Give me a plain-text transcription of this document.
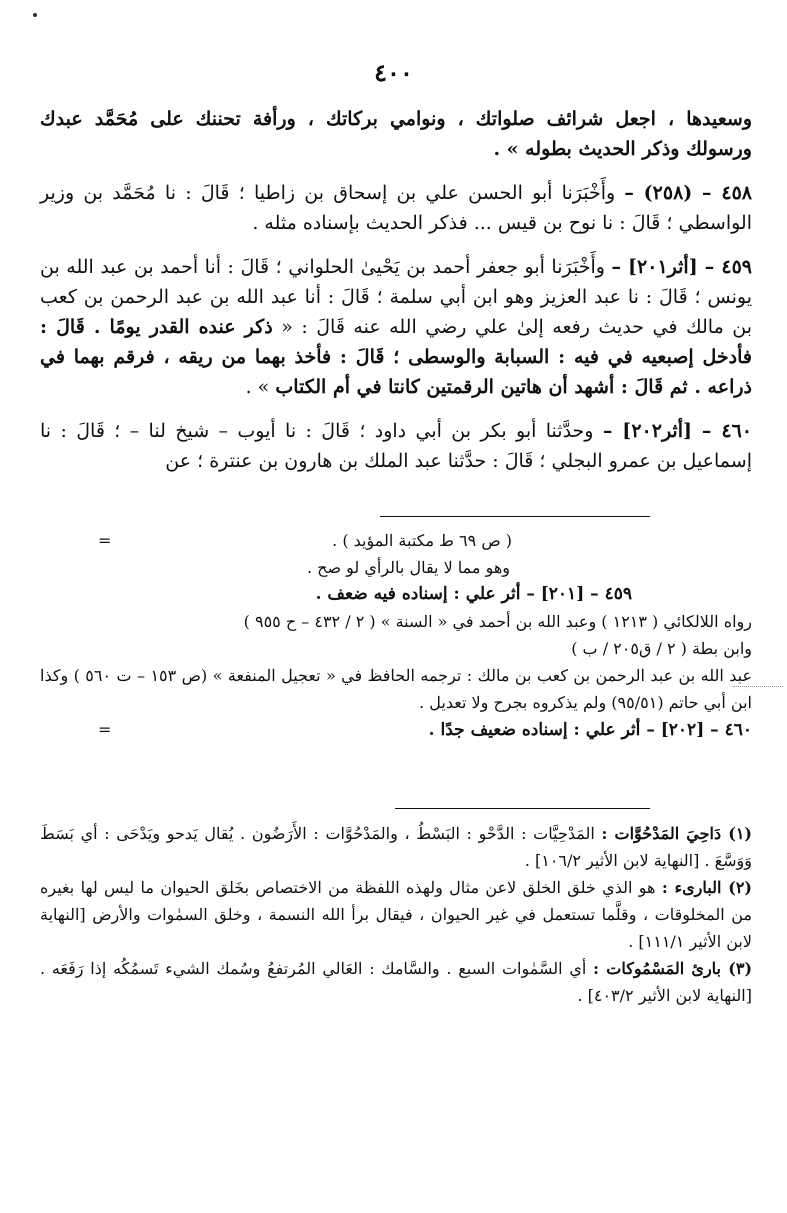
٤٠٠

وسعيدها ، اجعل شرائف صلواتك ، ونوامي بركاتك ، ورأفة تحننك على مُحَمَّد عبدك ورسولك وذكر الحديث بطوله » .

٤٥٨ – (٢٥٨) – وأَخْبَرَنا أبو الحسن علي بن إسحاق بن زاطيا ؛ قَالَ : نا مُحَمَّد بن وزير الواسطي ؛ قَالَ : نا نوح بن قيس ... فذكر الحديث بإسناده مثله .

٤٥٩ – [أثر٢٠١] – وأَخْبَرَنا أبو جعفر أحمد بن يَحْيىٰ الحلواني ؛ قَالَ : أنا أحمد بن عبد الله بن يونس ؛ قَالَ : نا عبد العزيز وهو ابن أبي سلمة ؛ قَالَ : أنا عبد الله بن عبد الرحمن بن كعب بن مالك في حديث رفعه إلىٰ علي رضي الله عنه قَالَ : « ذكر عنده القدر يومًا . قَالَ : فأدخل إصبعيه في فيه : السبابة والوسطى ؛ قَالَ : فأخذ بهما من ريقه ، فرقم بهما في ذراعه . ثم قَالَ : أشهد أن هاتين الرقمتين كانتا في أم الكتاب » .

٤٦٠ – [أثر٢٠٢] – وحدَّثنا أبو بكر بن أبي داود ؛ قَالَ : نا أيوب – شيخ لنا – ؛ قَالَ : نا إسماعيل بن عمرو البجلي ؛ قَالَ : حدَّثنا عبد الملك بن هارون بن عنترة ؛ عن

=	( ص ٦٩ ط مكتبة المؤيد ) .

وهو مما لا يقال بالرأي لو صح .

٤٥٩ – [٢٠١] – أثر علي : إسناده فيه ضعف .

رواه اللالكائي ( ١٢١٣ ) وعبد الله بن أحمد في « السنة » ( ٢ / ٤٣٢ – ح ٩٥٥ )

وابن بطة ( ٢ / ق٢٠٥ / ب )

عبد الله بن عبد الرحمن بن كعب بن مالك : ترجمه الحافظ في « تعجيل المنفعة » (ص ١٥٣ – ت ٥٦٠ ) وكذا ابن أبي حاتم (٩٥/٥١) ولم يذكروه بجرح ولا تعديل .

٤٦٠ – [٢٠٢] – أثر علي : إسناده ضعيف جدًا .
=

(١) دَاحِيَ المَدْحُوَّات : المَدْحِيَّات : الدَّحْو : البَسْطُ ، والمَدْحُوَّات : الأَرَضُون . يُقال يَدحو ويَدْحَى : أي بَسَطَ وَوَسَّعَ . [النهاية لابن الأثير ١٠٦/٢] .

(٢) البارىء : هو الذي خلق الخلق لاعن مثال ولهذه اللفظة من الاختصاص بخَلق الحيوان ما ليس لها بغيره من المخلوقات ، وقلَّما تستعمل في غير الحيوان ، فيقال برأ الله النسمة ، وخلق السمٰوات والأرض [النهاية لابن الأثير ١١١/١] .

(٣) بارئ المَسْمُوكات : أي السَّمٰوات السبع . والسَّامك : العَالي المُرتفعُ وسُمك الشيء تَسمُكُه إذا رَفَعَه . [النهاية لابن الأثير ٤٠٣/٢] .
